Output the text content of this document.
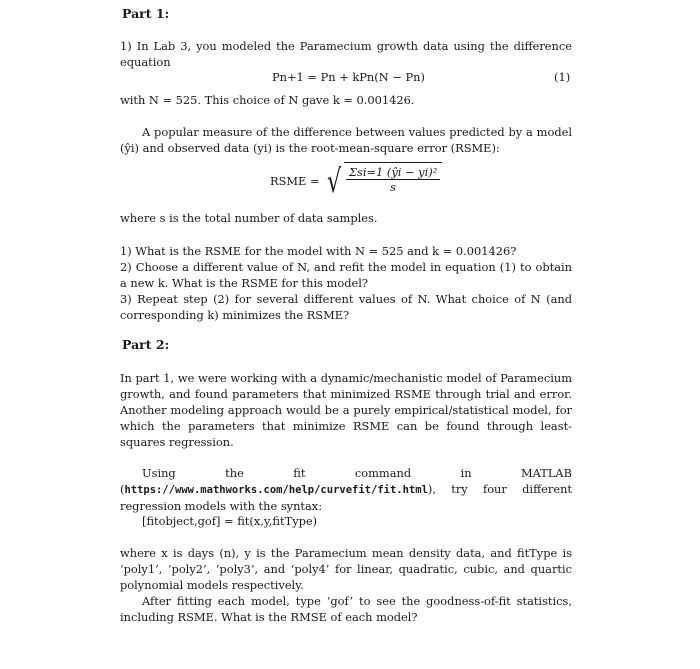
Part 1:
1) In Lab 3, you modeled the Paramecium growth data using the difference equation
Pn+1 = Pn + kPn(N − Pn)	(1)
with N = 525. This choice of N gave k = 0.001426.
A popular measure of the difference between values predicted by a model (ŷi) and observed data (yi) is the root-mean-square error (RSME):
RSME = √ $\frac{\text{Σsi=1 (ŷi − yi)²}}{s}$
where s is the total number of data samples.
1) What is the RSME for the model with N = 525 and k = 0.001426?
2) Choose a different value of N, and refit the model in equation (1) to obtain a new k. What is the RSME for this model?
3) Repeat step (2) for several different values of N. What choice of N (and corresponding k) minimizes the RSME?
Part 2:
In part 1, we were working with a dynamic/mechanistic model of Paramecium growth, and found parameters that minimized RSME through trial and error. Another modeling approach would be a purely empirical/statistical model, for which the parameters that minimize RSME can be found through least-squares regression.
Using the fit command in MATLAB (https://www.mathworks.com/help/curvefit/fit.html), try four different regression models with the syntax:
[fitobject,gof] = fit(x,y,fitType)
where x is days (n), y is the Paramecium mean density data, and fitType is ‘poly1’, ‘poly2’, ‘poly3’, and ‘poly4’ for linear, quadratic, cubic, and quartic polynomial models respectively.
After fitting each model, type ‘gof’ to see the goodness-of-fit statistics, including RSME. What is the RMSE of each model?
